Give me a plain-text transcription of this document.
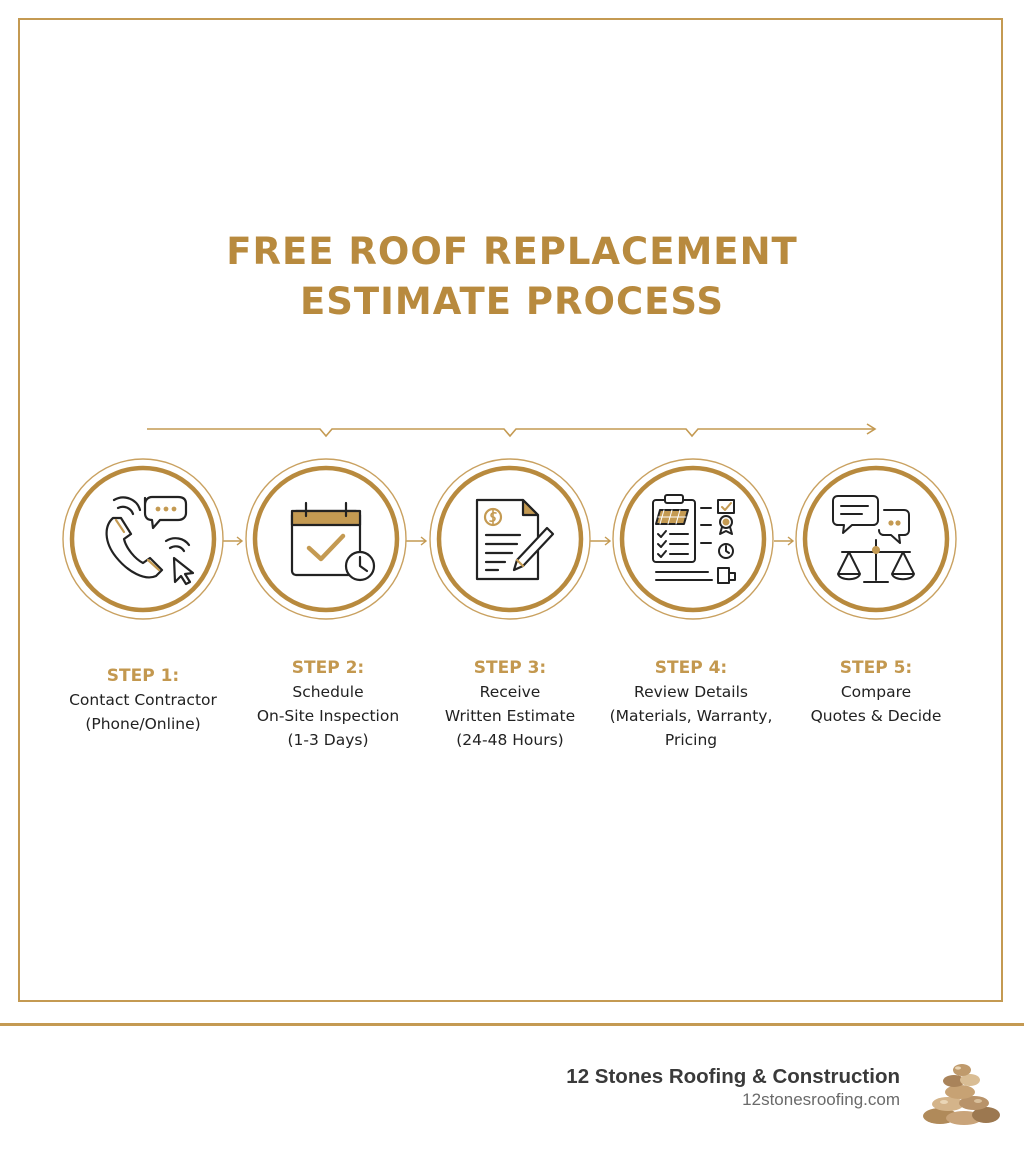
FREE ROOF REPLACEMENT
ESTIMATE PROCESS
STEP 1:
Contact Contractor
(Phone/Online)
STEP 2:
Schedule
On-Site Inspection
(1-3 Days)
STEP 3:
Receive
Written Estimate
(24-48 Hours)
STEP 4:
Review Details
(Materials, Warranty,
Pricing
STEP 5:
Compare
Quotes & Decide
12 Stones Roofing & Construction
12stonesroofing.com
